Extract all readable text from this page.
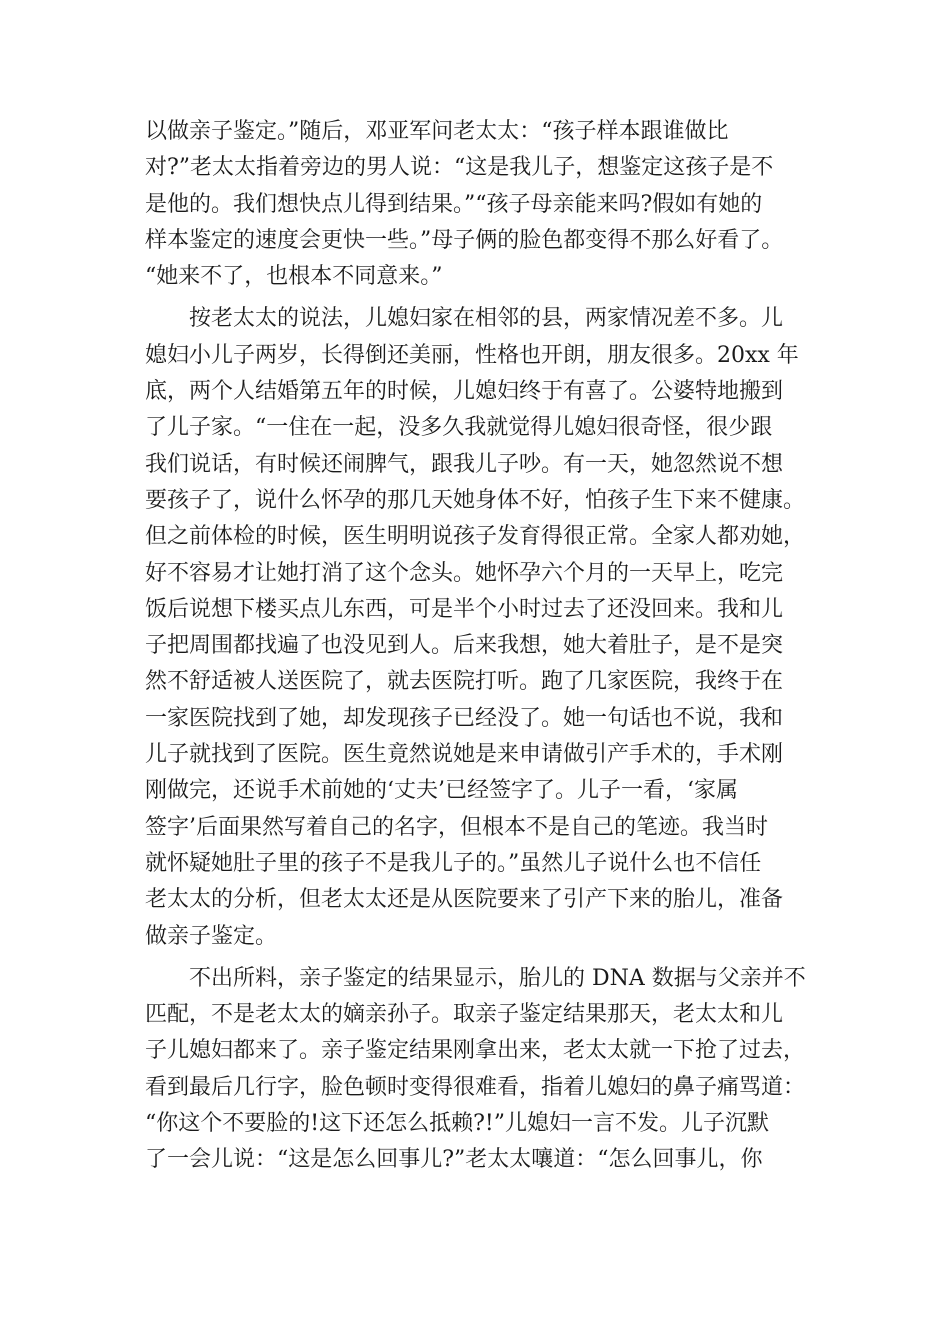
以做亲子鉴定。”随后，邓亚军问老太太：“孩子样本跟谁做比
对?”老太太指着旁边的男人说：“这是我儿子，想鉴定这孩子是不
是他的。我们想快点儿得到结果。”“孩子母亲能来吗?假如有她的
样本鉴定的速度会更快一些。”母子俩的脸色都变得不那么好看了。
“她来不了，也根本不同意来。”
　　按老太太的说法，儿媳妇家在相邻的县，两家情况差不多。儿
媳妇小儿子两岁，长得倒还美丽，性格也开朗，朋友很多。20xx 年
底，两个人结婚第五年的时候，儿媳妇终于有喜了。公婆特地搬到
了儿子家。“一住在一起，没多久我就觉得儿媳妇很奇怪，很少跟
我们说话，有时候还闹脾气，跟我儿子吵。有一天，她忽然说不想
要孩子了，说什么怀孕的那几天她身体不好，怕孩子生下来不健康。
但之前体检的时候，医生明明说孩子发育得很正常。全家人都劝她，
好不容易才让她打消了这个念头。她怀孕六个月的一天早上，吃完
饭后说想下楼买点儿东西，可是半个小时过去了还没回来。我和儿
子把周围都找遍了也没见到人。后来我想，她大着肚子，是不是突
然不舒适被人送医院了，就去医院打听。跑了几家医院，我终于在
一家医院找到了她，却发现孩子已经没了。她一句话也不说，我和
儿子就找到了医院。医生竟然说她是来申请做引产手术的，手术刚
刚做完，还说手术前她的‘丈夫’已经签字了。儿子一看，‘家属
签字’后面果然写着自己的名字，但根本不是自己的笔迹。我当时
就怀疑她肚子里的孩子不是我儿子的。”虽然儿子说什么也不信任
老太太的分析，但老太太还是从医院要来了引产下来的胎儿，准备
做亲子鉴定。
　　不出所料，亲子鉴定的结果显示，胎儿的 DNA 数据与父亲并不
匹配，不是老太太的嫡亲孙子。取亲子鉴定结果那天，老太太和儿
子儿媳妇都来了。亲子鉴定结果刚拿出来，老太太就一下抢了过去，
看到最后几行字，脸色顿时变得很难看，指着儿媳妇的鼻子痛骂道：
“你这个不要脸的!这下还怎么抵赖?!”儿媳妇一言不发。儿子沉默
了一会儿说：“这是怎么回事儿?”老太太嚷道：“怎么回事儿，你
